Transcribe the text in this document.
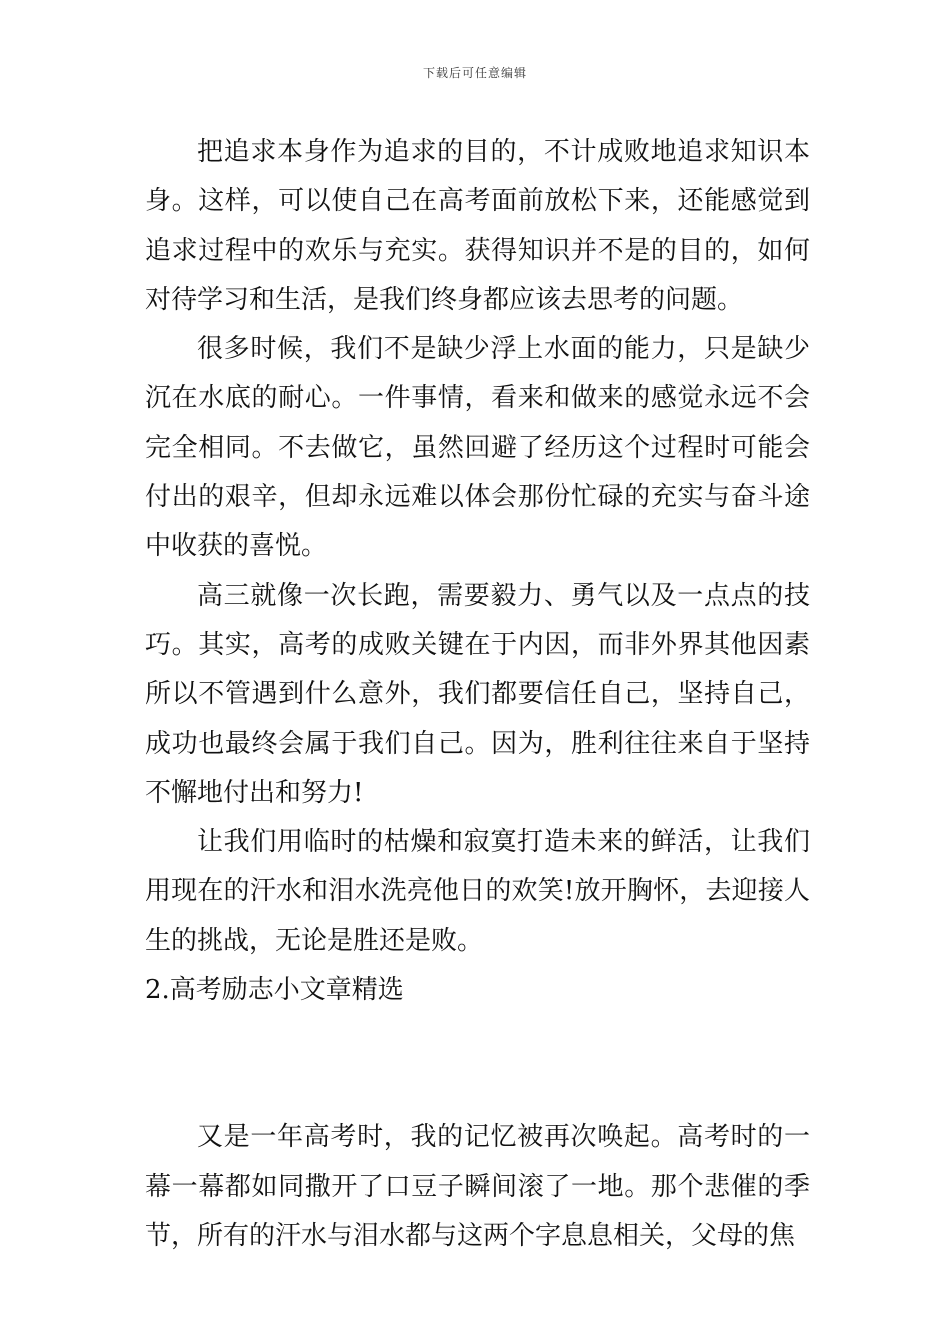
下载后可任意编辑

把追求本身作为追求的目的，不计成败地追求知识本身。这样，可以使自己在高考面前放松下来，还能感觉到追求过程中的欢乐与充实。获得知识并不是的目的，如何对待学习和生活，是我们终身都应该去思考的问题。

很多时候，我们不是缺少浮上水面的能力，只是缺少沉在水底的耐心。一件事情，看来和做来的感觉永远不会完全相同。不去做它，虽然回避了经历这个过程时可能会付出的艰辛，但却永远难以体会那份忙碌的充实与奋斗途中收获的喜悦。

高三就像一次长跑，需要毅力、勇气以及一点点的技巧。其实，高考的成败关键在于内因，而非外界其他因素所以不管遇到什么意外，我们都要信任自己，坚持自己，成功也最终会属于我们自己。因为，胜利往往来自于坚持不懈地付出和努力!

让我们用临时的枯燥和寂寞打造未来的鲜活，让我们用现在的汗水和泪水洗亮他日的欢笑!放开胸怀，去迎接人生的挑战，无论是胜还是败。

2.高考励志小文章精选

又是一年高考时，我的记忆被再次唤起。高考时的一幕一幕都如同撒开了口豆子瞬间滚了一地。那个悲催的季节，所有的汗水与泪水都与这两个字息息相关，父母的焦
